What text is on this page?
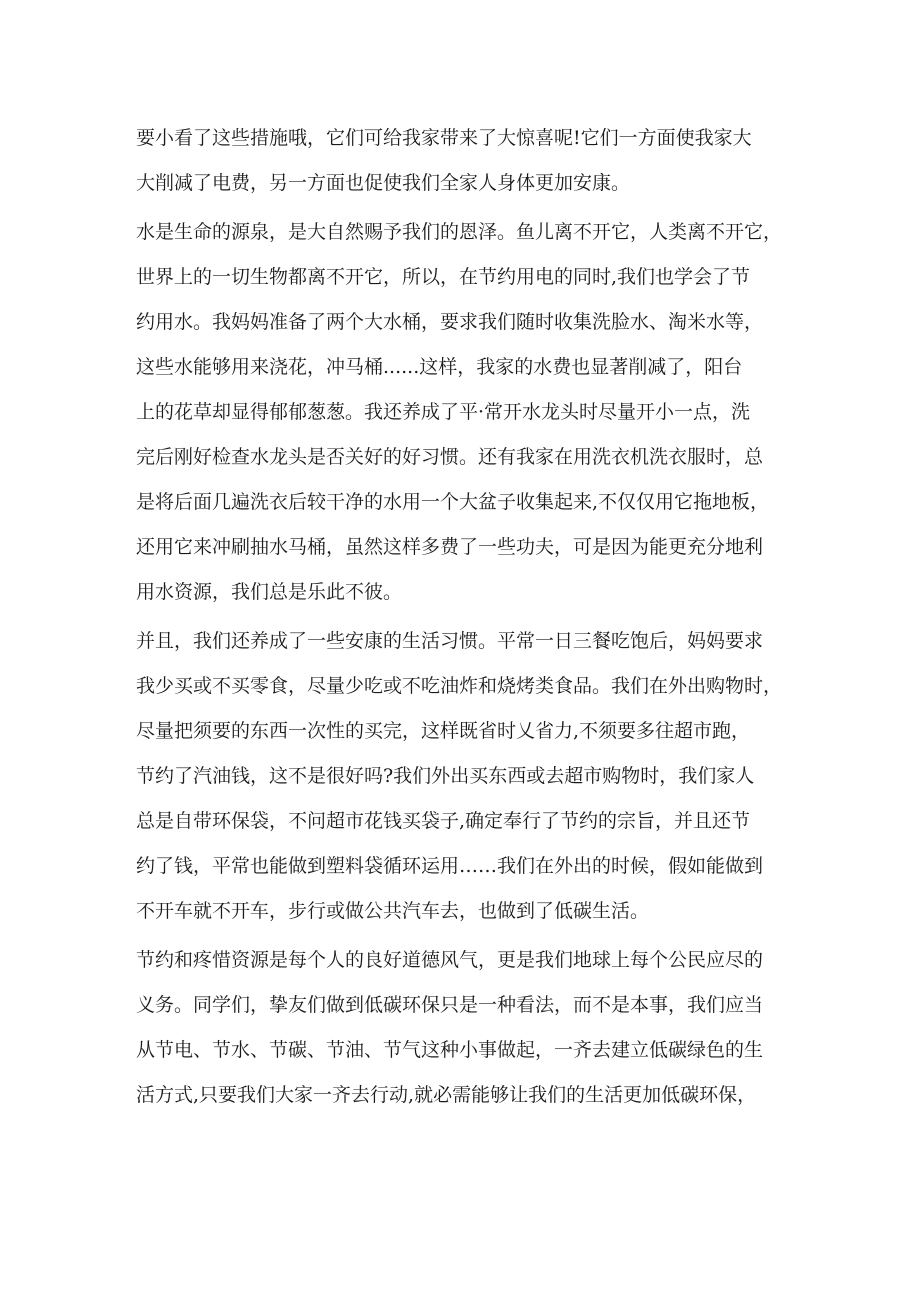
要小看了这些措施哦，它们可给我家带来了大惊喜呢!它们一方面使我家大
大削减了电费，另一方面也促使我们全家人身体更加安康。
水是生命的源泉，是大自然赐予我们的恩泽。鱼儿离不开它，人类离不开它，
世界上的一切生物都离不开它，所以，在节约用电的同时,我们也学会了节
约用水。我妈妈准备了两个大水桶，要求我们随时收集洗脸水、淘米水等，
这些水能够用来浇花，冲马桶......这样，我家的水费也显著削减了，阳台
上的花草却显得郁郁葱葱。我还养成了平·常开水龙头时尽量开小一点，洗
完后刚好检查水龙头是否关好的好习惯。还有我家在用洗衣机洗衣服时，总
是将后面几遍洗衣后较干净的水用一个大盆子收集起来,不仅仅用它拖地板，
还用它来冲刷抽水马桶，虽然这样多费了一些功夫，可是因为能更充分地利
用水资源，我们总是乐此不彼。
并且，我们还养成了一些安康的生活习惯。平常一日三餐吃饱后，妈妈要求
我少买或不买零食，尽量少吃或不吃油炸和烧烤类食品。我们在外出购物时，
尽量把须要的东西一次性的买完，这样既省时乂省力,不须要多往超市跑，
节约了汽油钱，这不是很好吗?我们外出买东西或去超市购物时，我们家人
总是自带环保袋，不问超市花钱买袋子,确定奉行了节约的宗旨，并且还节
约了钱，平常也能做到塑料袋循环运用……我们在外出的时候，假如能做到
不开车就不开车，步行或做公共汽车去，也做到了低碳生活。
节约和疼惜资源是每个人的良好道德风气，更是我们地球上每个公民应尽的
义务。同学们，挚友们做到低碳环保只是一种看法，而不是本事，我们应当
从节电、节水、节碳、节油、节气这种小事做起，一齐去建立低碳绿色的生
活方式,只要我们大家一齐去行动,就必需能够让我们的生活更加低碳环保，
